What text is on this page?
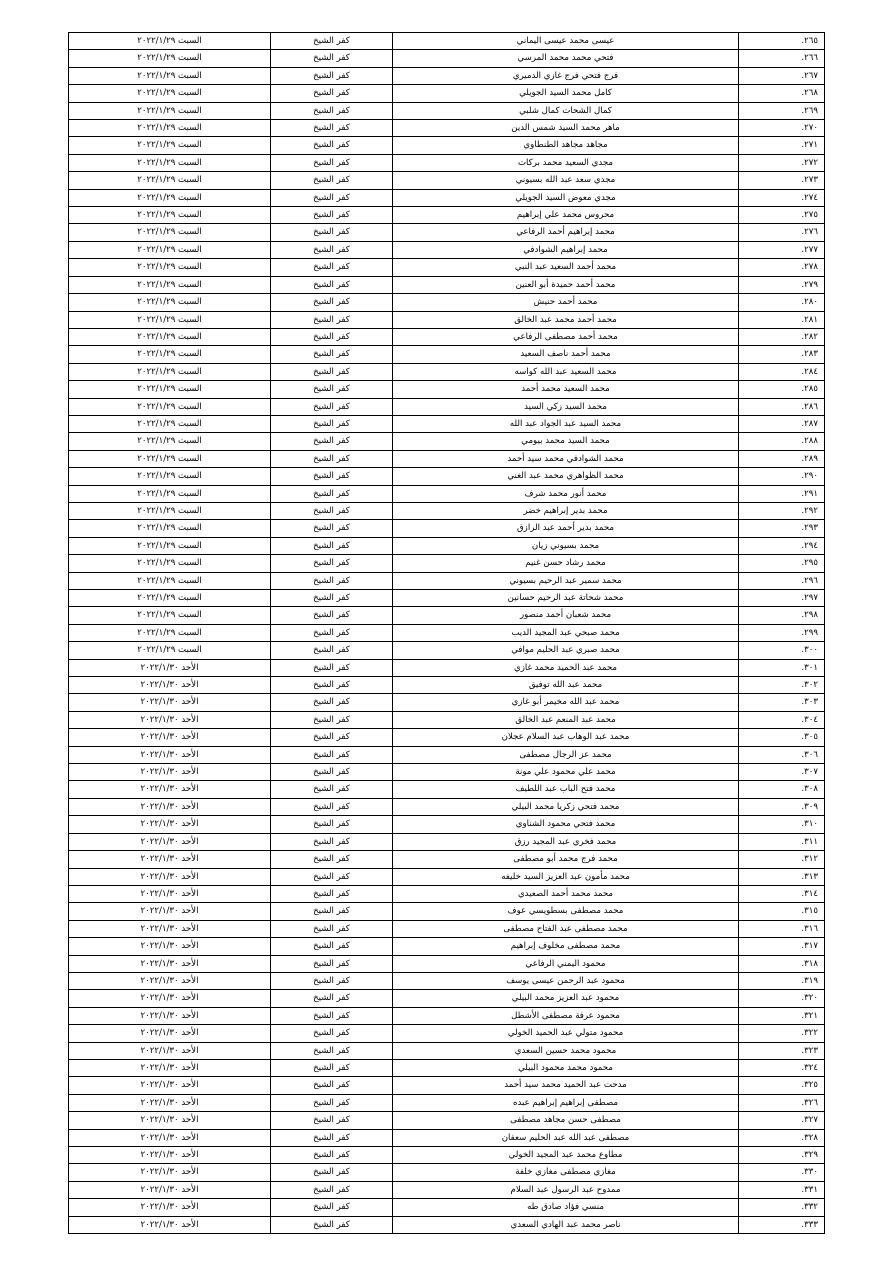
٢٦٥.	عيسى محمد عيسى اليماني	كفر الشيخ	السبت ٢٠٢٢/١/٢٩
٢٦٦.	فتحي محمد محمد المرسي	كفر الشيخ	السبت ٢٠٢٢/١/٢٩
٢٦٧.	فرج فتحي فرج غازي الدميري	كفر الشيخ	السبت ٢٠٢٢/١/٢٩
٢٦٨.	كامل محمد السيد الجويلي	كفر الشيخ	السبت ٢٠٢٢/١/٢٩
٢٦٩.	كمال الشحات كمال شلبي	كفر الشيخ	السبت ٢٠٢٢/١/٢٩
٢٧٠.	ماهر محمد السيد شمس الدين	كفر الشيخ	السبت ٢٠٢٢/١/٢٩
٢٧١.	مجاهد مجاهد الطنطاوي	كفر الشيخ	السبت ٢٠٢٢/١/٢٩
٢٧٢.	مجدي السعيد محمد بركات	كفر الشيخ	السبت ٢٠٢٢/١/٢٩
٢٧٣.	مجدي سعد عبد الله بسيوني	كفر الشيخ	السبت ٢٠٢٢/١/٢٩
٢٧٤.	مجدي معوض السيد الجويلي	كفر الشيخ	السبت ٢٠٢٢/١/٢٩
٢٧٥.	محروس محمد علي إبراهيم	كفر الشيخ	السبت ٢٠٢٢/١/٢٩
٢٧٦.	محمد إبراهيم أحمد الرفاعي	كفر الشيخ	السبت ٢٠٢٢/١/٢٩
٢٧٧.	محمد إبراهيم الشوادفي	كفر الشيخ	السبت ٢٠٢٢/١/٢٩
٢٧٨.	محمد أحمد السعيد عبد النبي	كفر الشيخ	السبت ٢٠٢٢/١/٢٩
٢٧٩.	محمد أحمد حميدة أبو العنين	كفر الشيخ	السبت ٢٠٢٢/١/٢٩
٢٨٠.	محمد أحمد حنيش	كفر الشيخ	السبت ٢٠٢٢/١/٢٩
٢٨١.	محمد أحمد محمد عبد الخالق	كفر الشيخ	السبت ٢٠٢٢/١/٢٩
٢٨٢.	محمد أحمد مصطفى الرفاعي	كفر الشيخ	السبت ٢٠٢٢/١/٢٩
٢٨٣.	محمد أحمد ناصف السعيد	كفر الشيخ	السبت ٢٠٢٢/١/٢٩
٢٨٤.	محمد السعيد عبد الله كواسه	كفر الشيخ	السبت ٢٠٢٢/١/٢٩
٢٨٥.	محمد السعيد محمد أحمد	كفر الشيخ	السبت ٢٠٢٢/١/٢٩
٢٨٦.	محمد السيد زكي السيد	كفر الشيخ	السبت ٢٠٢٢/١/٢٩
٢٨٧.	محمد السيد عبد الجواد عبد الله	كفر الشيخ	السبت ٢٠٢٢/١/٢٩
٢٨٨.	محمد السيد محمد بيومي	كفر الشيخ	السبت ٢٠٢٢/١/٢٩
٢٨٩.	محمد الشوادفي محمد سيد أحمد	كفر الشيخ	السبت ٢٠٢٢/١/٢٩
٢٩٠.	محمد الظواهري محمد عبد الغني	كفر الشيخ	السبت ٢٠٢٢/١/٢٩
٢٩١.	محمد أنور محمد شرف	كفر الشيخ	السبت ٢٠٢٢/١/٢٩
٢٩٢.	محمد بدير إبراهيم خضر	كفر الشيخ	السبت ٢٠٢٢/١/٢٩
٢٩٣.	محمد بدير أحمد عبد الرازق	كفر الشيخ	السبت ٢٠٢٢/١/٢٩
٢٩٤.	محمد بسيوني زيان	كفر الشيخ	السبت ٢٠٢٢/١/٢٩
٢٩٥.	محمد رشاد حسن غنيم	كفر الشيخ	السبت ٢٠٢٢/١/٢٩
٢٩٦.	محمد سمير عبد الرحيم بسيوني	كفر الشيخ	السبت ٢٠٢٢/١/٢٩
٢٩٧.	محمد شحاتة عبد الرحيم حسانين	كفر الشيخ	السبت ٢٠٢٢/١/٢٩
٢٩٨.	محمد شعبان أحمد منصور	كفر الشيخ	السبت ٢٠٢٢/١/٢٩
٢٩٩.	محمد صبحي عبد المجيد الديب	كفر الشيخ	السبت ٢٠٢٢/١/٢٩
٣٠٠.	محمد صبري عبد الحليم موافي	كفر الشيخ	السبت ٢٠٢٢/١/٢٩
٣٠١.	محمد عبد الحميد محمد غازي	كفر الشيخ	الأحد ٢٠٢٢/١/٣٠
٣٠٢.	محمد عبد الله توفيق	كفر الشيخ	الأحد ٢٠٢٢/١/٣٠
٣٠٣.	محمد عبد الله مخيمر أبو غازي	كفر الشيخ	الأحد ٢٠٢٢/١/٣٠
٣٠٤.	محمد عبد المنعم عبد الخالق	كفر الشيخ	الأحد ٢٠٢٢/١/٣٠
٣٠٥.	محمد عبد الوهاب عبد السلام عجلان	كفر الشيخ	الأحد ٢٠٢٢/١/٣٠
٣٠٦.	محمد عز الرجال مصطفى	كفر الشيخ	الأحد ٢٠٢٢/١/٣٠
٣٠٧.	محمد علي محمود علي مونة	كفر الشيخ	الأحد ٢٠٢٢/١/٣٠
٣٠٨.	محمد فتح الباب عبد اللطيف	كفر الشيخ	الأحد ٢٠٢٢/١/٣٠
٣٠٩.	محمد فتحي زكريا محمد البيلي	كفر الشيخ	الأحد ٢٠٢٢/١/٣٠
٣١٠.	محمد فتحي محمود الشناوي	كفر الشيخ	الأحد ٢٠٢٢/١/٣٠
٣١١.	محمد فخري عبد المجيد رزق	كفر الشيخ	الأحد ٢٠٢٢/١/٣٠
٣١٢.	محمد فرج محمد أبو مصطفى	كفر الشيخ	الأحد ٢٠٢٢/١/٣٠
٣١٣.	محمد مأمون عبد العزيز السيد خليفه	كفر الشيخ	الأحد ٢٠٢٢/١/٣٠
٣١٤.	محمد محمد أحمد الصعيدي	كفر الشيخ	الأحد ٢٠٢٢/١/٣٠
٣١٥.	محمد مصطفى بسطويسي عوف	كفر الشيخ	الأحد ٢٠٢٢/١/٣٠
٣١٦.	محمد مصطفى عبد الفتاح مصطفى	كفر الشيخ	الأحد ٢٠٢٢/١/٣٠
٣١٧.	محمد مصطفى مخلوف إبراهيم	كفر الشيخ	الأحد ٢٠٢٢/١/٣٠
٣١٨.	محمود اليمني الرفاعي	كفر الشيخ	الأحد ٢٠٢٢/١/٣٠
٣١٩.	محمود عبد الرحمن عيسى يوسف	كفر الشيخ	الأحد ٢٠٢٢/١/٣٠
٣٢٠.	محمود عبد العزيز محمد البيلي	كفر الشيخ	الأحد ٢٠٢٢/١/٣٠
٣٢١.	محمود عرفة مصطفى الأشطل	كفر الشيخ	الأحد ٢٠٢٢/١/٣٠
٣٢٢.	محمود متولي عبد الحميد الخولي	كفر الشيخ	الأحد ٢٠٢٢/١/٣٠
٣٢٣.	محمود محمد حسين السعدي	كفر الشيخ	الأحد ٢٠٢٢/١/٣٠
٣٢٤.	محمود محمد محمود البيلي	كفر الشيخ	الأحد ٢٠٢٢/١/٣٠
٣٢٥.	مدحت عبد الحميد محمد سيد أحمد	كفر الشيخ	الأحد ٢٠٢٢/١/٣٠
٣٢٦.	مصطفى إبراهيم إبراهيم عبده	كفر الشيخ	الأحد ٢٠٢٢/١/٣٠
٣٢٧.	مصطفى حسن مجاهد مصطفى	كفر الشيخ	الأحد ٢٠٢٢/١/٣٠
٣٢٨.	مصطفى عبد الله عبد الحليم سعفان	كفر الشيخ	الأحد ٢٠٢٢/١/٣٠
٣٢٩.	مطاوع محمد عبد المجيد الخولي	كفر الشيخ	الأحد ٢٠٢٢/١/٣٠
٣٣٠.	مغازي مصطفى مغازي خلفة	كفر الشيخ	الأحد ٢٠٢٢/١/٣٠
٣٣١.	ممدوح عبد الرسول عبد السلام	كفر الشيخ	الأحد ٢٠٢٢/١/٣٠
٣٣٢.	منسي فؤاد صادق طه	كفر الشيخ	الأحد ٢٠٢٢/١/٣٠
٣٣٣.	ناصر محمد عبد الهادي السعدي	كفر الشيخ	الأحد ٢٠٢٢/١/٣٠
